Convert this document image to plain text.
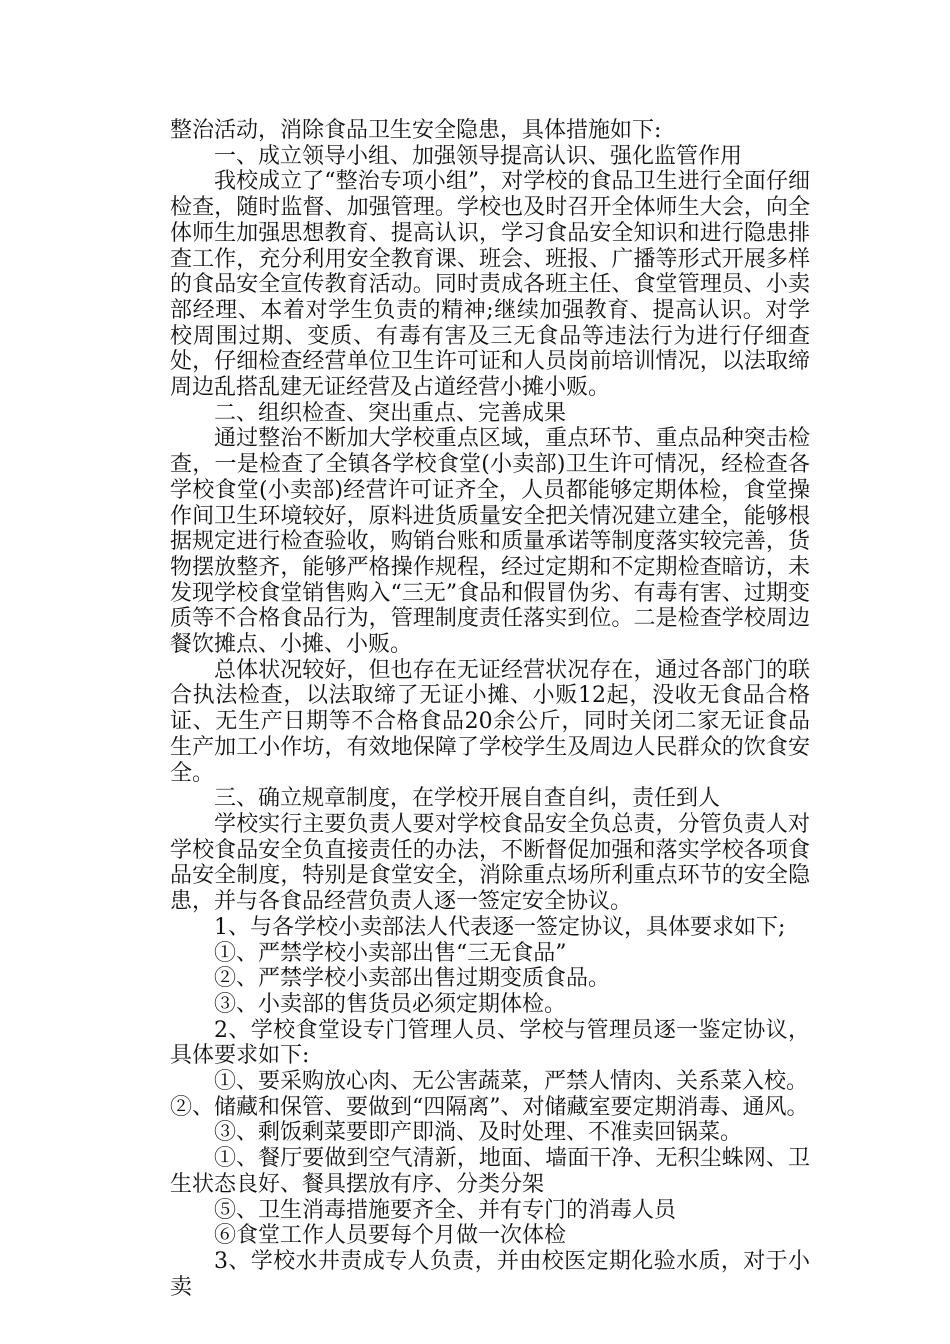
整治活动，消除食品卫生安全隐患，具体措施如下:

一、成立领导小组、加强领导提高认识、强化监管作用

我校成立了“整治专项小组”，对学校的食品卫生进行全面仔细检查，随时监督、加强管理。学校也及时召开全体师生大会，向全体师生加强思想教育、提高认识，学习食品安全知识和进行隐患排查工作，充分利用安全教育课、班会、班报、广播等形式开展多样的食品安全宣传教育活动。同时责成各班主任、食堂管理员、小卖部经理、本着对学生负责的精神;继续加强教育、提高认识。对学校周围过期、变质、有毒有害及三无食品等违法行为进行仔细查处，仔细检查经营单位卫生许可证和人员岗前培训情况，以法取缔周边乱搭乱建无证经营及占道经营小摊小贩。

二、组织检查、突出重点、完善成果

通过整治不断加大学校重点区域，重点环节、重点品种突击检查，一是检查了全镇各学校食堂(小卖部)卫生许可情况，经检查各学校食堂(小卖部)经营许可证齐全，人员都能够定期体检，食堂操作间卫生环境较好，原料进货质量安全把关情况建立建全，能够根据规定进行检查验收，购销台账和质量承诺等制度落实较完善，货物摆放整齐，能够严格操作规程，经过定期和不定期检查暗访，未发现学校食堂销售购入“三无”食品和假冒伪劣、有毒有害、过期变质等不合格食品行为，管理制度责任落实到位。二是检查学校周边餐饮摊点、小摊、小贩。

总体状况较好，但也存在无证经营状况存在，通过各部门的联合执法检查，以法取缔了无证小摊、小贩12起，没收无食品合格证、无生产日期等不合格食品20余公斤，同时关闭二家无证食品生产加工小作坊，有效地保障了学校学生及周边人民群众的饮食安全。

三、确立规章制度，在学校开展自查自纠，责任到人

学校实行主要负责人要对学校食品安全负总责，分管负责人对学校食品安全负直接责任的办法，不断督促加强和落实学校各项食品安全制度，特别是食堂安全，消除重点场所利重点环节的安全隐患，并与各食品经营负责人逐一签定安全协议。

1、与各学校小卖部法人代表逐一签定协议，具体要求如下;

①、严禁学校小卖部出售“三无食品”

②、严禁学校小卖部出售过期变质食品。

③、小卖部的售货员必须定期体检。

2、学校食堂设专门管理人员、学校与管理员逐一鉴定协议，具体要求如下:

①、要采购放心肉、无公害蔬菜，严禁人情肉、关系菜入校。

②、储藏和保管、要做到“四隔离”、对储藏室要定期消毒、通风。

③、剩饭剩菜要即产即淌、及时处理、不准卖回锅菜。

①、餐厅要做到空气清新，地面、墙面干净、无积尘蛛网、卫生状态良好、餐具摆放有序、分类分架

⑤、卫生消毒措施要齐全、并有专门的消毒人员

⑥食堂工作人员要每个月做一次体检

3、学校水井责成专人负责，并由校医定期化验水质，对于小卖
